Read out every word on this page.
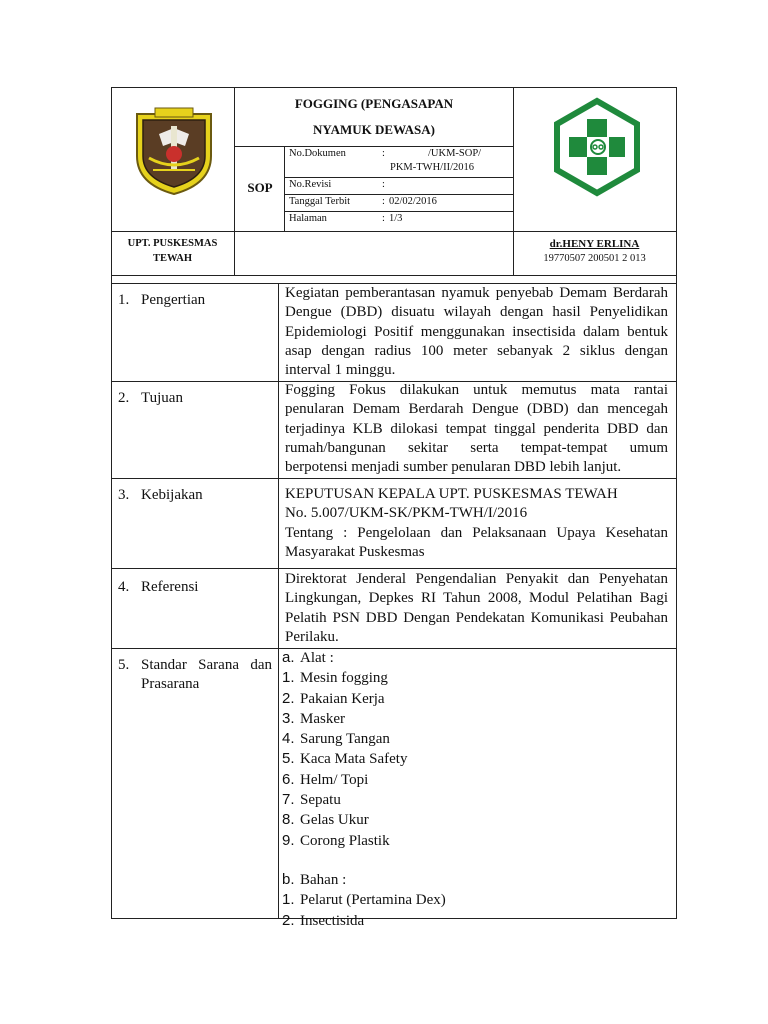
FOGGING (PENGASAPAN
NYAMUK DEWASA)
SOP
No.Dokumen	:	/UKM-SOP/
PKM-TWH/II/2016
No.Revisi	:
Tanggal Terbit	: 02/02/2016
Halaman	: 1/3
UPT. PUSKESMAS
TEWAH
dr.HENY ERLINA
19770507 200501 2 013
1. Pengertian	Kegiatan pemberantasan nyamuk penyebab Demam Berdarah
Dengue (DBD) disuatu wilayah dengan hasil Penyelidikan
Epidemiologi Positif menggunakan insectisida dalam bentuk
asap dengan radius 100 meter sebanyak 2 siklus dengan
interval 1 minggu.
2. Tujuan	Fogging Fokus dilakukan untuk memutus mata rantai
penularan Demam Berdarah Dengue (DBD) dan mencegah
terjadinya KLB dilokasi tempat tinggal penderita DBD dan
rumah/bangunan sekitar serta tempat-tempat umum
berpotensi menjadi sumber penularan DBD lebih lanjut.
3. Kebijakan	KEPUTUSAN KEPALA UPT. PUSKESMAS TEWAH
No. 5.007/UKM-SK/PKM-TWH/I/2016
Tentang : Pengelolaan dan Pelaksanaan Upaya Kesehatan
Masyarakat Puskesmas
4. Referensi	Direktorat Jenderal Pengendalian Penyakit dan Penyehatan
Lingkungan, Depkes RI Tahun 2008, Modul Pelatihan Bagi
Pelatih PSN DBD Dengan Pendekatan Komunikasi Peubahan
Perilaku.
5. Standar Sarana dan
Prasarana
a. Alat :
1. Mesin fogging
2. Pakaian Kerja
3. Masker
4. Sarung Tangan
5. Kaca Mata Safety
6. Helm/ Topi
7. Sepatu
8. Gelas Ukur
9. Corong Plastik
b. Bahan :
1. Pelarut (Pertamina Dex)
2. Insectisida
